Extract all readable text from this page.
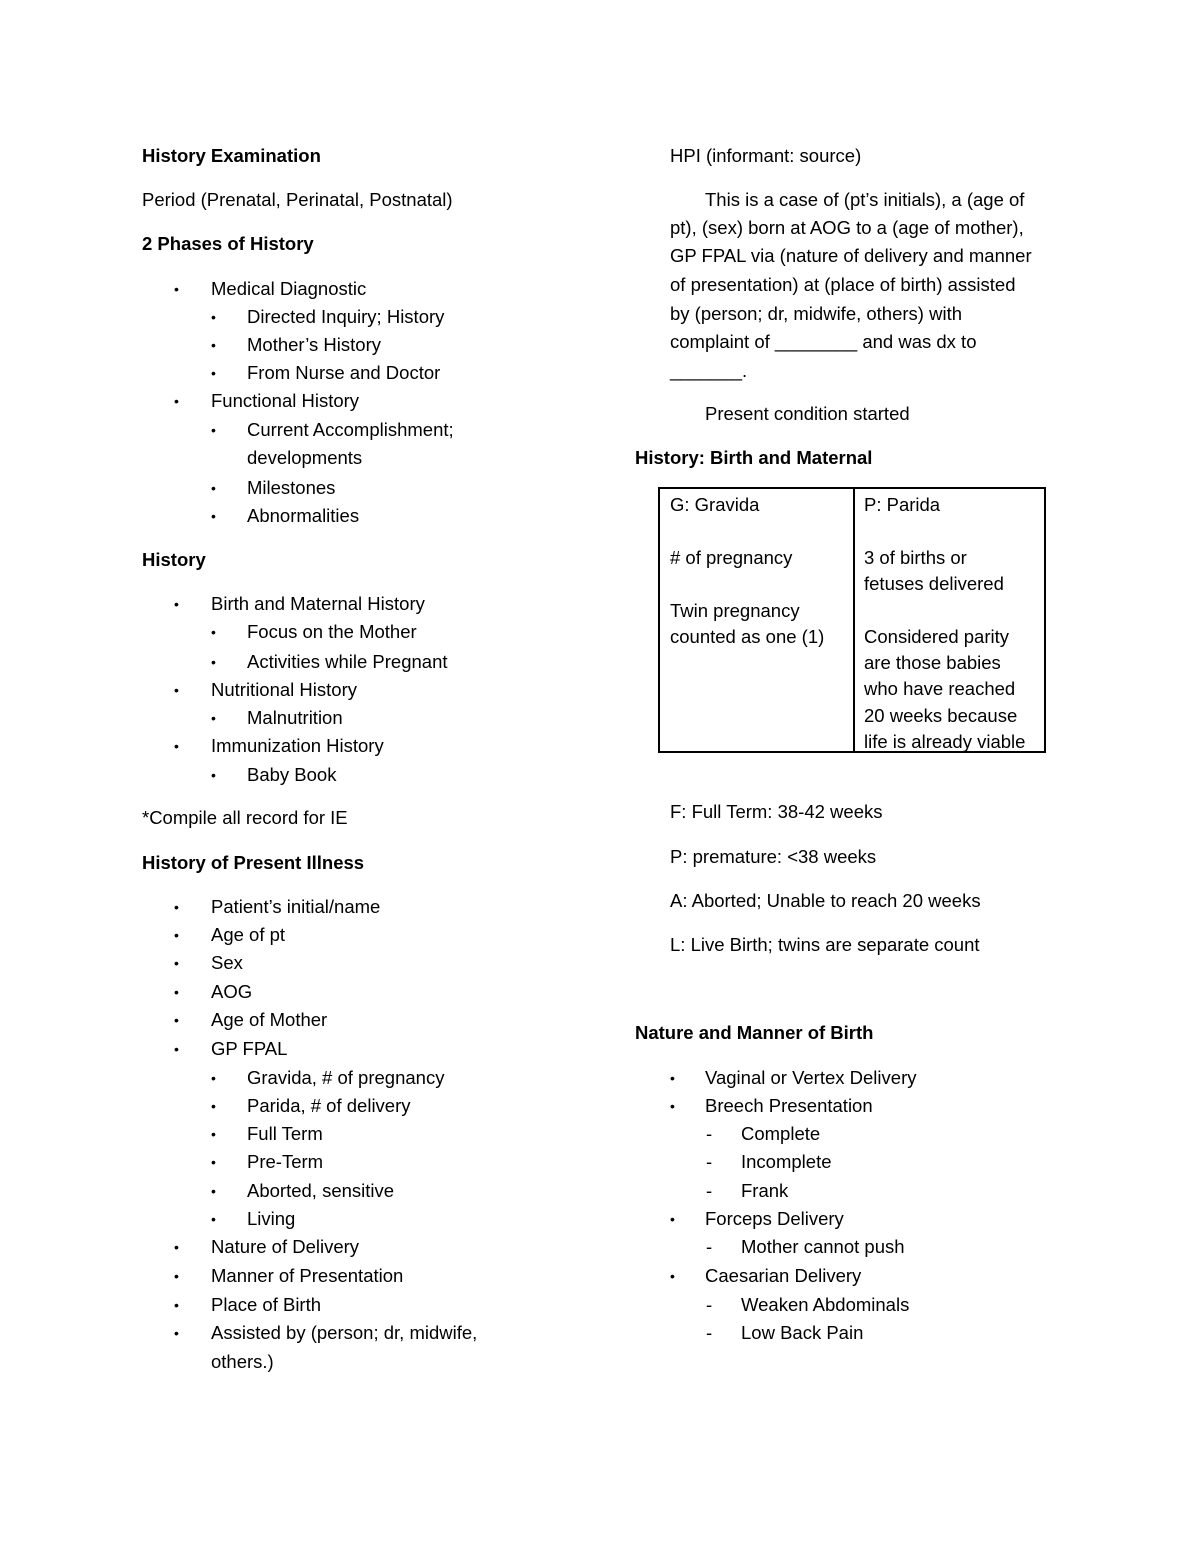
History Examination
Period (Prenatal, Perinatal, Postnatal)
2 Phases of History
• Medical Diagnostic
• Directed Inquiry; History
• Mother’s History
• From Nurse and Doctor
• Functional History
• Current Accomplishment;
developments
• Milestones
• Abnormalities
History
• Birth and Maternal History
• Focus on the Mother
• Activities while Pregnant
• Nutritional History
• Malnutrition
• Immunization History
• Baby Book
*Compile all record for IE
History of Present Illness
• Patient’s initial/name
• Age of pt
• Sex
• AOG
• Age of Mother
• GP FPAL
• Gravida, # of pregnancy
• Parida, # of delivery
• Full Term
• Pre-Term
• Aborted, sensitive
• Living
• Nature of Delivery
• Manner of Presentation
• Place of Birth
• Assisted by (person; dr, midwife,
others.)
HPI (informant: source)
This is a case of (pt’s initials), a (age of
pt), (sex) born at AOG to a (age of mother),
GP FPAL via (nature of delivery and manner
of presentation) at (place of birth) assisted
by (person; dr, midwife, others) with
complaint of ________ and was dx to
_______.
Present condition started
History: Birth and Maternal
G: Gravida
# of pregnancy
Twin pregnancy
counted as one (1)
P: Parida
3 of births or
fetuses delivered
Considered parity
are those babies
who have reached
20 weeks because
life is already viable
F: Full Term: 38-42 weeks
P: premature: <38 weeks
A: Aborted; Unable to reach 20 weeks
L: Live Birth; twins are separate count
Nature and Manner of Birth
• Vaginal or Vertex Delivery
• Breech Presentation
- Complete
- Incomplete
- Frank
• Forceps Delivery
- Mother cannot push
• Caesarian Delivery
- Weaken Abdominals
- Low Back Pain
